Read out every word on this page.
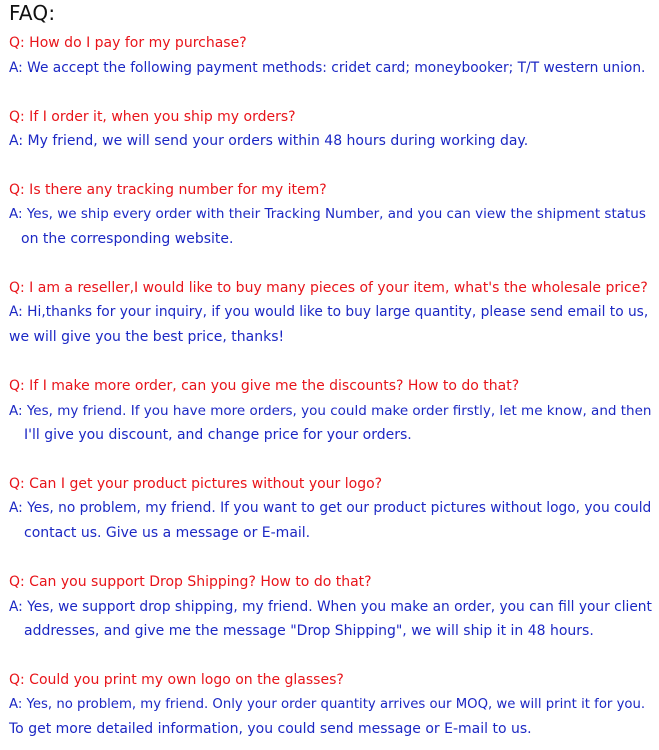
FAQ:
Q: How do I pay for my purchase?
A: We accept the following payment methods: cridet card; moneybooker; T/T western union.
Q: If I order it, when you ship my orders?
A: My friend, we will send your orders within 48 hours during working day.
Q: Is there any tracking number for my item?
A: Yes, we ship every order with their Tracking Number, and you can view the shipment status
on the corresponding website.
Q: I am a reseller,I would like to buy many pieces of your item, what's the wholesale price?
A: Hi,thanks for your inquiry, if you would like to buy large quantity, please send email to us,
we will give you the best price, thanks!
Q: If I make more order, can you give me the discounts? How to do that?
A: Yes, my friend. If you have more orders, you could make order firstly, let me know, and then
I'll give you discount, and change price for your orders.
Q: Can I get your product pictures without your logo?
A: Yes, no problem, my friend. If you want to get our product pictures without logo, you could
contact us. Give us a message or E-mail.
Q: Can you support Drop Shipping? How to do that?
A: Yes, we support drop shipping, my friend. When you make an order, you can fill your client
addresses, and give me the message "Drop Shipping", we will ship it in 48 hours.
Q: Could you print my own logo on the glasses?
A: Yes, no problem, my friend. Only your order quantity arrives our MOQ, we will print it for you.
To get more detailed information, you could send message or E-mail to us.
